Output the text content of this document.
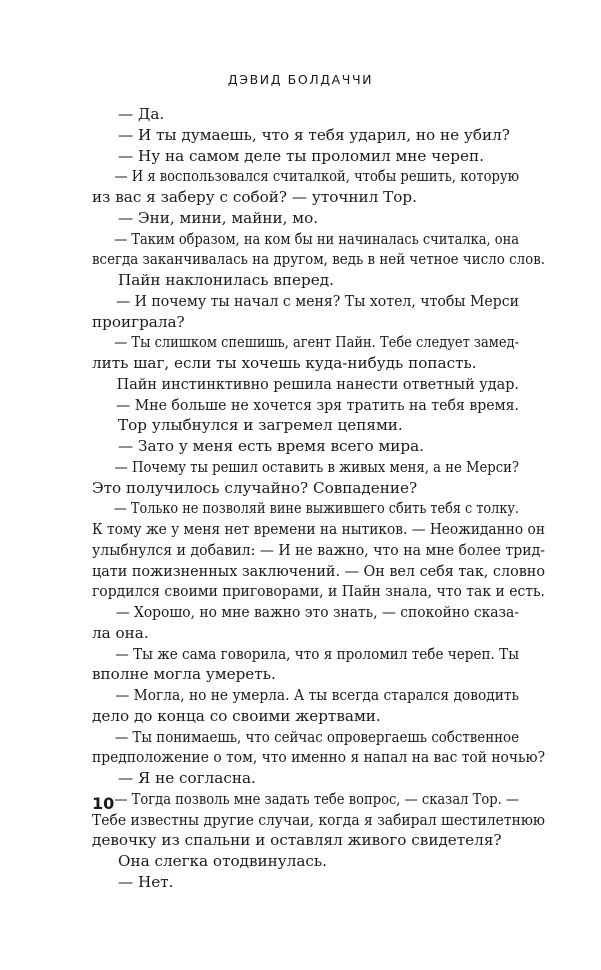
ДЭВИД БОЛДАЧЧИ
— Да.
— И ты думаешь, что я тебя ударил, но не убил?
— Ну на самом деле ты проломил мне череп.
— И я воспользовался считалкой, чтобы решить, которую
из вас я заберу с собой? — уточнил Тор.
— Эни, мини, майни, мо.
— Таким образом, на ком бы ни начиналась считалка, она
всегда заканчивалась на другом, ведь в ней четное число слов.
Пайн наклонилась вперед.
— И почему ты начал с меня? Ты хотел, чтобы Мерси
проиграла?
— Ты слишком спешишь, агент Пайн. Тебе следует замед-
лить шаг, если ты хочешь куда-нибудь попасть.
Пайн инстинктивно решила нанести ответный удар.
— Мне больше не хочется зря тратить на тебя время.
Тор улыбнулся и загремел цепями.
— Зато у меня есть время всего мира.
— Почему ты решил оставить в живых меня, а не Мерси?
Это получилось случайно? Совпадение?
— Только не позволяй вине выжившего сбить тебя с толку.
К тому же у меня нет времени на нытиков. — Неожиданно он
улыбнулся и добавил: — И не важно, что на мне более трид-
цати пожизненных заключений. — Он вел себя так, словно
гордился своими приговорами, и Пайн знала, что так и есть.
— Хорошо, но мне важно это знать, — спокойно сказа-
ла она.
— Ты же сама говорила, что я проломил тебе череп. Ты
вполне могла умереть.
— Могла, но не умерла. А ты всегда старался доводить
дело до конца со своими жертвами.
— Ты понимаешь, что сейчас опровергаешь собственное
предположение о том, что именно я напал на вас той ночью?
— Я не согласна.
— Тогда позволь мне задать тебе вопрос, — сказал Тор. —
Тебе известны другие случаи, когда я забирал шестилетнюю
девочку из спальни и оставлял живого свидетеля?
Она слегка отодвинулась.
— Нет.
10
